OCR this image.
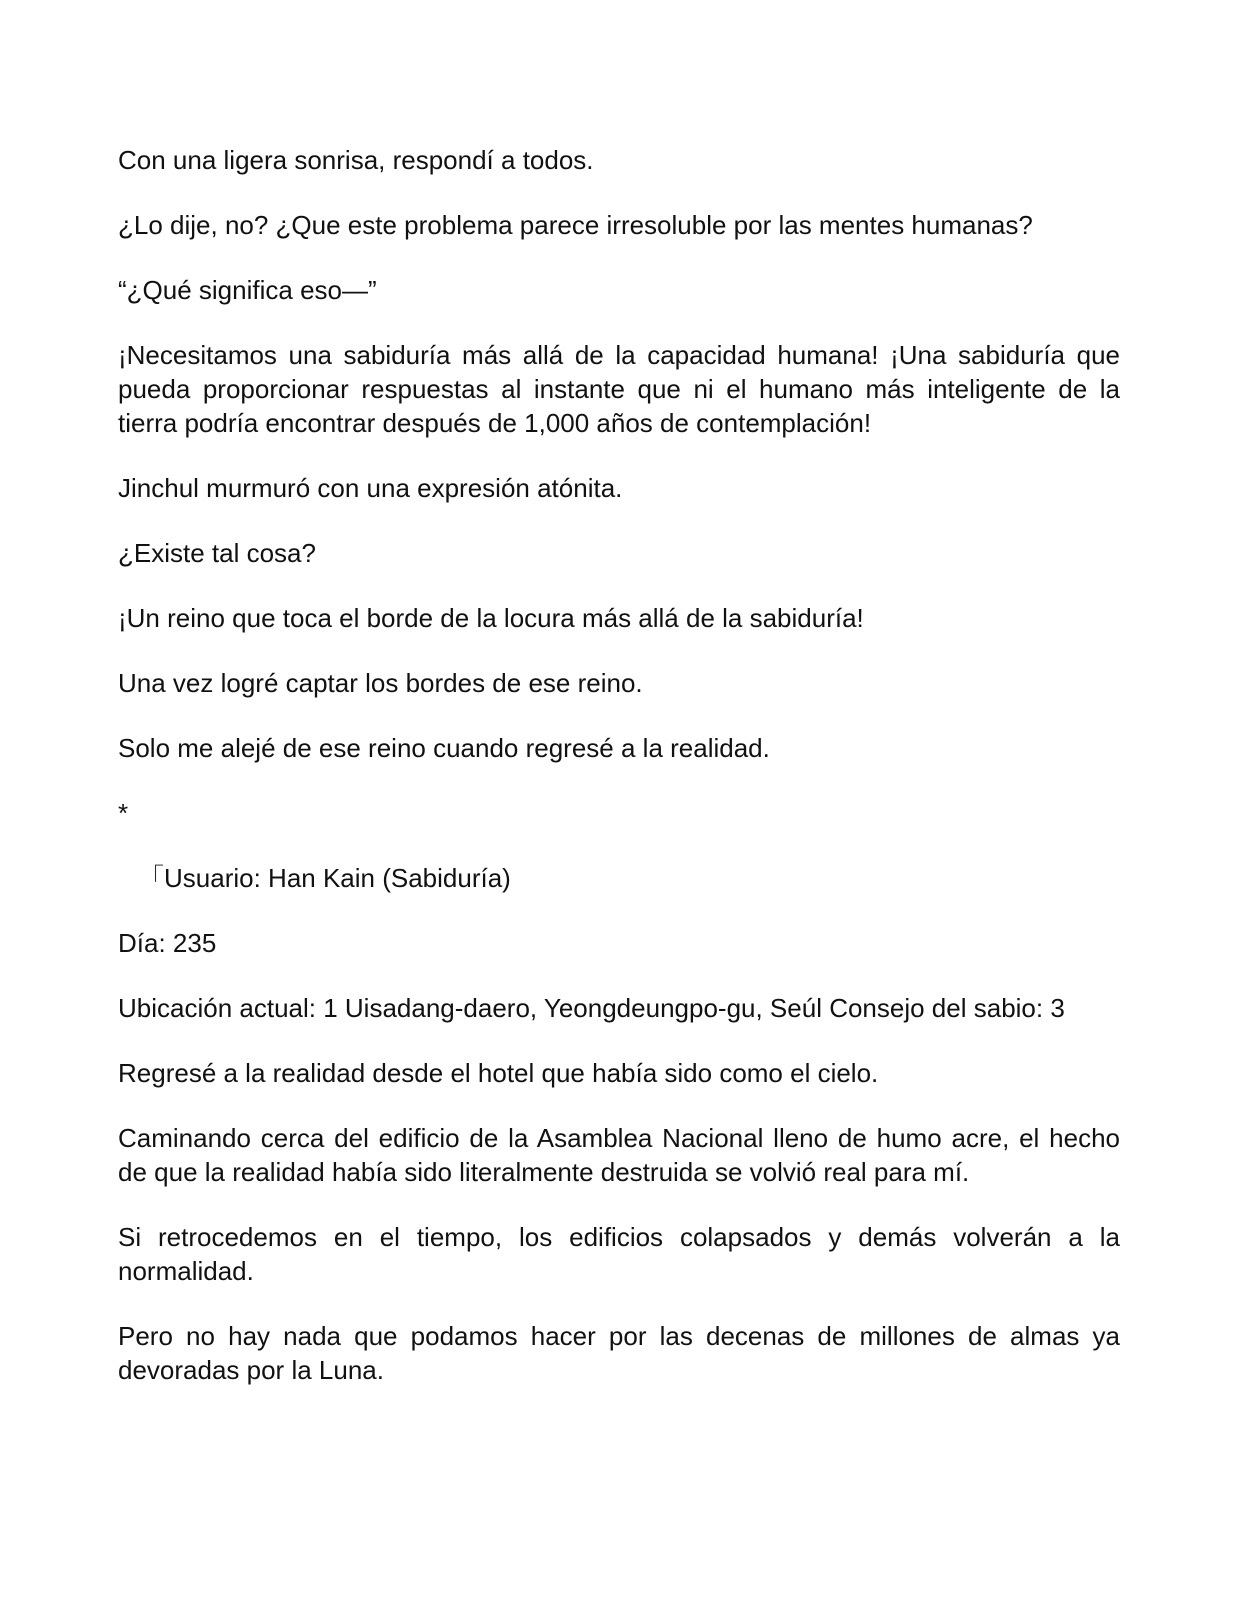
Con una ligera sonrisa, respondí a todos.

¿Lo dije, no? ¿Que este problema parece irresoluble por las mentes humanas?

“¿Qué significa eso—”

¡Necesitamos una sabiduría más allá de la capacidad humana! ¡Una sabiduría que pueda proporcionar respuestas al instante que ni el humano más inteligente de la tierra podría encontrar después de 1,000 años de contemplación!

Jinchul murmuró con una expresión atónita.

¿Existe tal cosa?

¡Un reino que toca el borde de la locura más allá de la sabiduría!

Una vez logré captar los bordes de ese reino.

Solo me alejé de ese reino cuando regresé a la realidad.

*

「Usuario: Han Kain (Sabiduría)

Día: 235

Ubicación actual: 1 Uisadang-daero, Yeongdeungpo-gu, Seúl Consejo del sabio: 3

Regresé a la realidad desde el hotel que había sido como el cielo.

Caminando cerca del edificio de la Asamblea Nacional lleno de humo acre, el hecho de que la realidad había sido literalmente destruida se volvió real para mí.

Si retrocedemos en el tiempo, los edificios colapsados y demás volverán a la normalidad.

Pero no hay nada que podamos hacer por las decenas de millones de almas ya devoradas por la Luna.
